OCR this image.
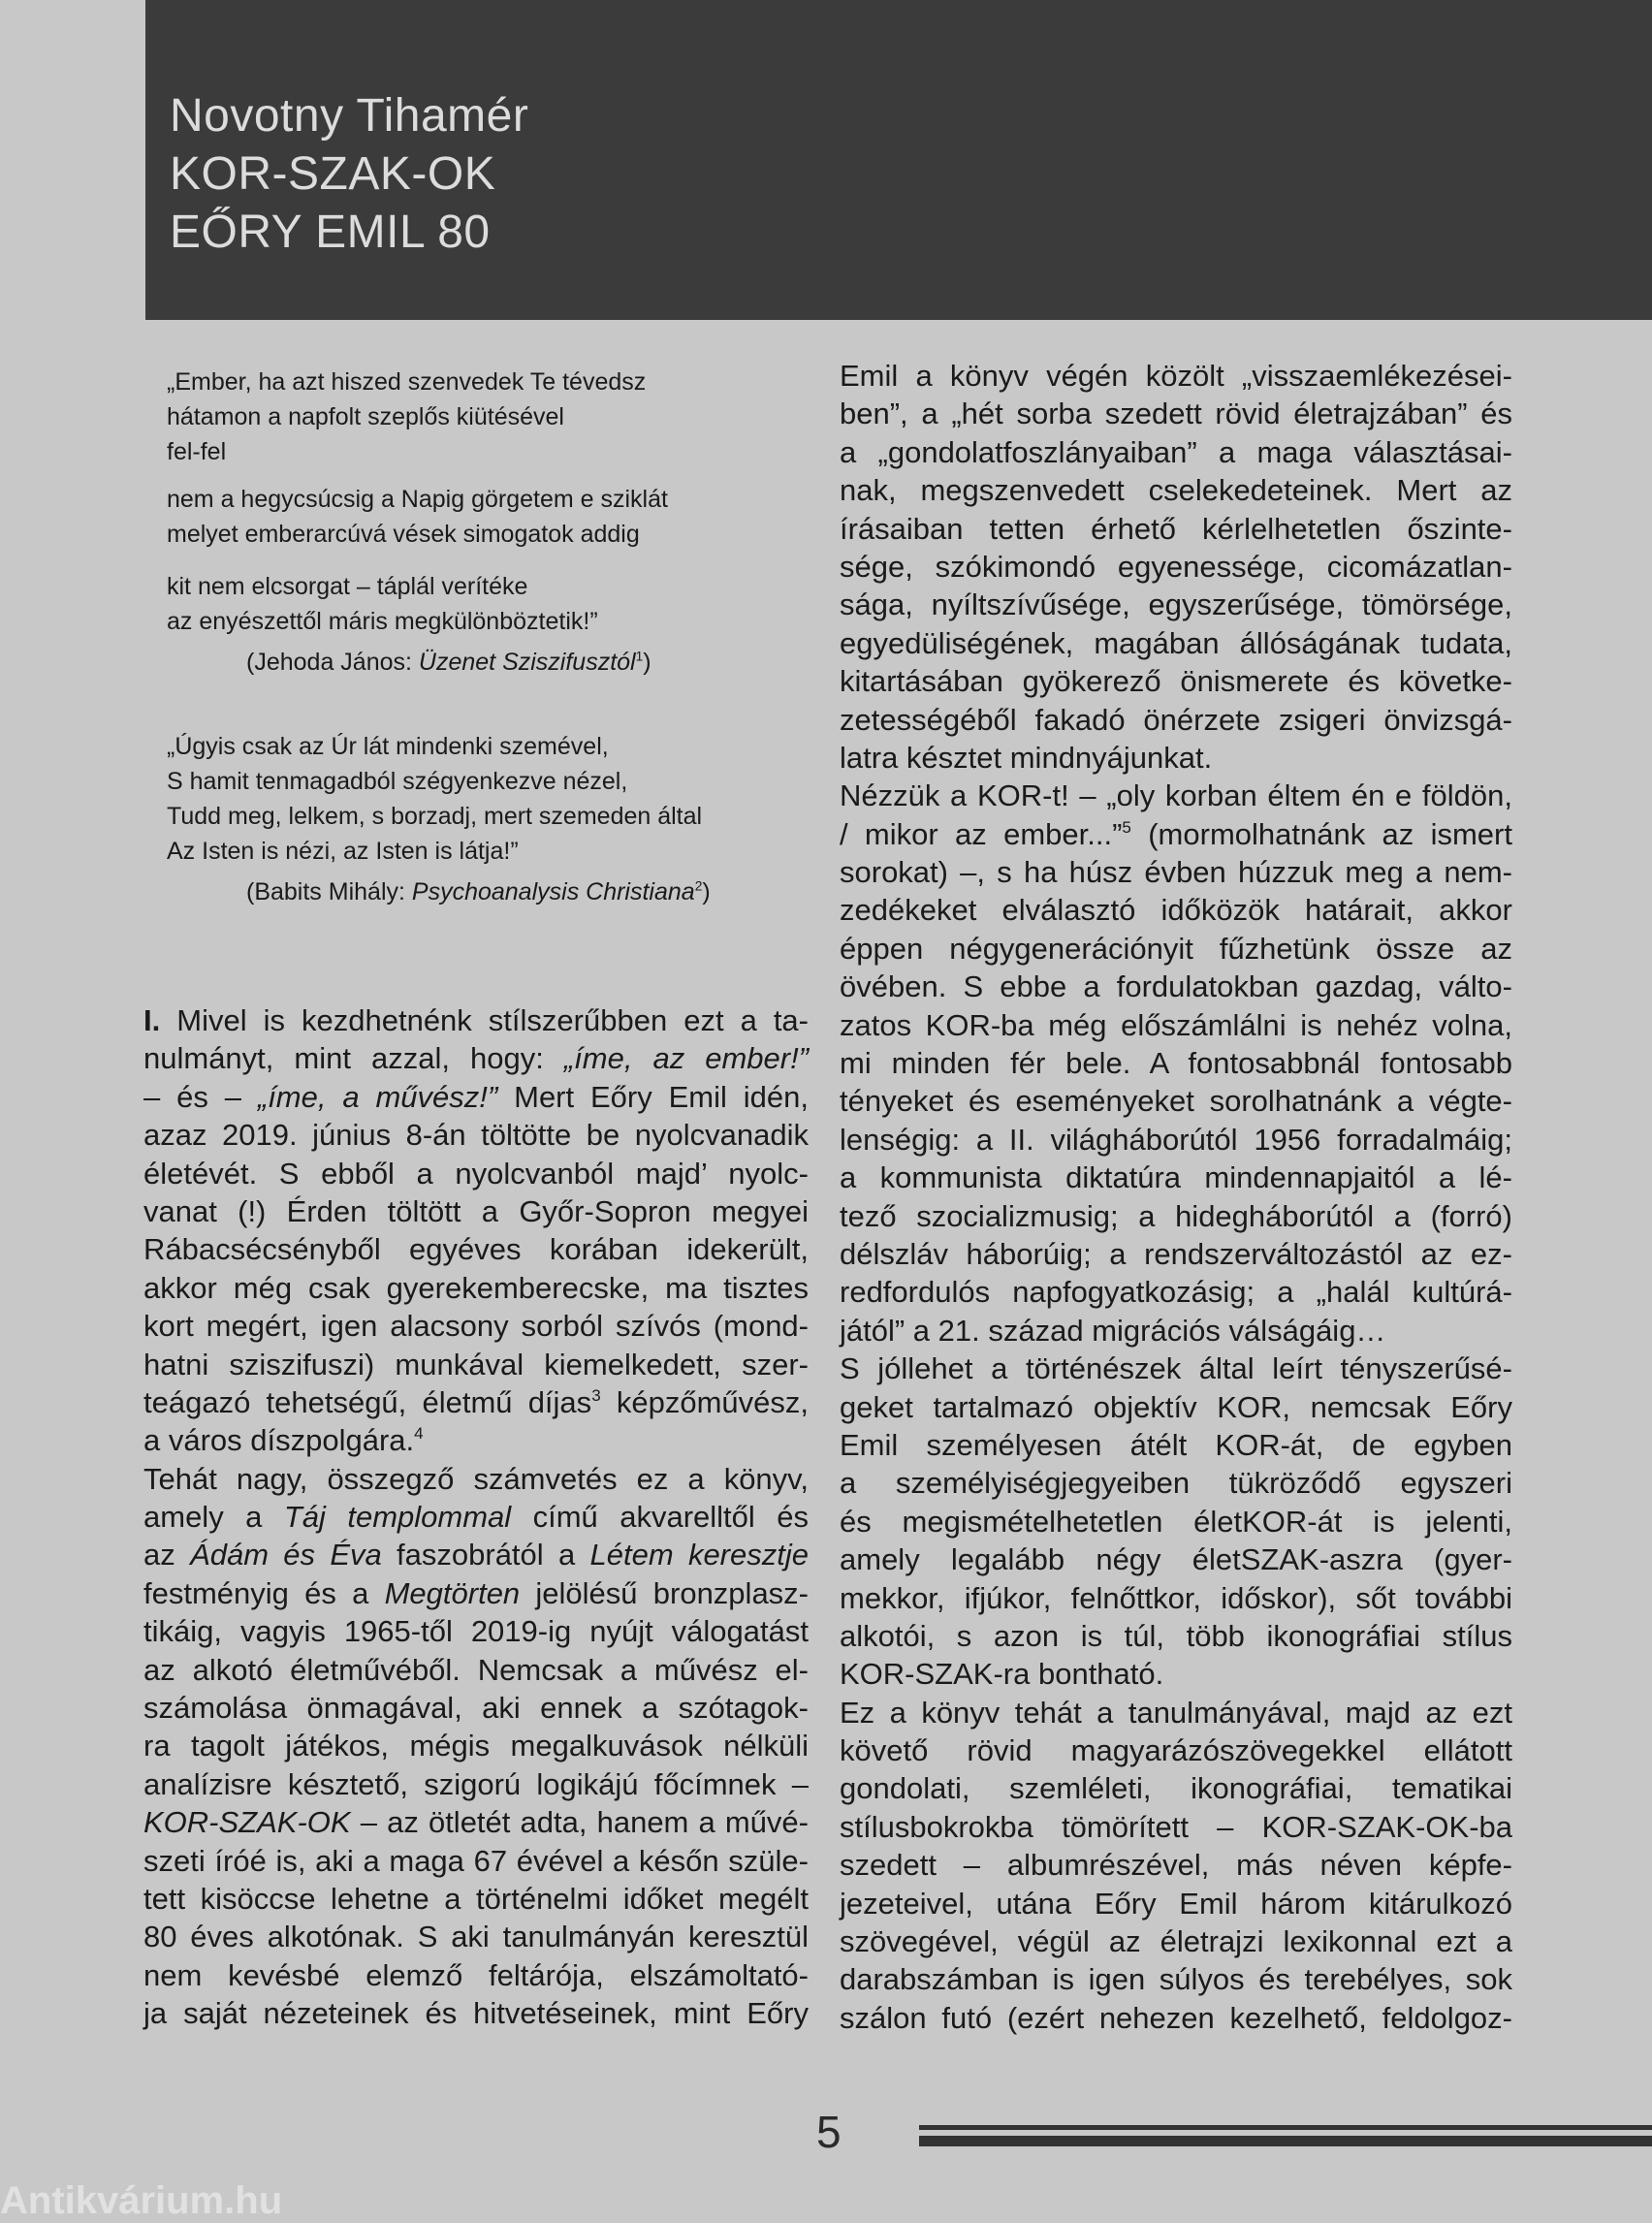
Novotny Tihamér
KOR-SZAK-OK
EŐRY EMIL 80
„Ember, ha azt hiszed szenvedek Te tévedsz
hátamon a napfolt szeplős kiütésével
fel-fel
nem a hegycsúcsig a Napig görgetem e sziklát
melyet emberarcúvá vések simogatok addig
kit nem elcsorgat – táplál verítéke
az enyészettől máris megkülönböztetik!”
(Jehoda János: Üzenet Sziszifusztól$^1$)
„Úgyis csak az Úr lát mindenki szemével,
S hamit tenmagadból szégyenkezve nézel,
Tudd meg, lelkem, s borzadj, mert szemeden által
Az Isten is nézi, az Isten is látja!”
(Babits Mihály: Psychoanalysis Christiana$^2$)
I. Mivel is kezdhetnénk stílszerűbben ezt a ta-
nulmányt, mint azzal, hogy: „íme, az ember!”
– és – „íme, a művész!” Mert Eőry Emil idén,
azaz 2019. június 8-án töltötte be nyolcvanadik
életévét. S ebből a nyolcvanból majd’ nyolc-
vanat (!) Érden töltött a Győr-Sopron megyei
Rábacsécsényből egyéves korában idekerült,
akkor még csak gyerekemberecske, ma tisztes
kort megért, igen alacsony sorból szívós (mond-
hatni sziszifuszi) munkával kiemelkedett, szer-
teágazó tehetségű, életmű díjas$^3$ képzőművész,
a város díszpolgára.$^4$
Tehát nagy, összegző számvetés ez a könyv,
amely a Táj templommal című akvarelltől és
az Ádám és Éva faszobrától a Létem keresztje
festményig és a Megtörten jelölésű bronzplasz-
tikáig, vagyis 1965-től 2019-ig nyújt válogatást
az alkotó életművéből. Nemcsak a művész el-
számolása önmagával, aki ennek a szótagok-
ra tagolt játékos, mégis megalkuvások nélküli
analízisre késztető, szigorú logikájú főcímnek –
KOR-SZAK-OK – az ötletét adta, hanem a művé-
szeti íróé is, aki a maga 67 évével a későn szüle-
tett kisöccse lehetne a történelmi időket megélt
80 éves alkotónak. S aki tanulmányán keresztül
nem kevésbé elemző feltárója, elszámoltató-
ja saját nézeteinek és hitvetéseinek, mint Eőry
Emil a könyv végén közölt „visszaemlékezései-
ben”, a „hét sorba szedett rövid életrajzában” és
a „gondolatfoszlányaiban” a maga választásai-
nak, megszenvedett cselekedeteinek. Mert az
írásaiban tetten érhető kérlelhetetlen őszinte-
sége, szókimondó egyenessége, cicomázatlan-
sága, nyíltszívűsége, egyszerűsége, tömörsége,
egyedüliségének, magában állóságának tudata,
kitartásában gyökerező önismerete és követke-
zetességéből fakadó önérzete zsigeri önvizsgá-
latra késztet mindnyájunkat.
Nézzük a KOR-t! – „oly korban éltem én e földön,
/ mikor az ember...”$^5$ (mormolhatnánk az ismert
sorokat) –, s ha húsz évben húzzuk meg a nem-
zedékeket elválasztó időközök határait, akkor
éppen négygenerációnyit fűzhetünk össze az
övében. S ebbe a fordulatokban gazdag, válto-
zatos KOR-ba még előszámlálni is nehéz volna,
mi minden fér bele. A fontosabbnál fontosabb
tényeket és eseményeket sorolhatnánk a végte-
lenségig: a II. világháborútól 1956 forradalmáig;
a kommunista diktatúra mindennapjaitól a lé-
tező szocializmusig; a hidegháborútól a (forró)
délszláv háborúig; a rendszerváltozástól az ez-
redfordulós napfogyatkozásig; a „halál kultúrá-
jától” a 21. század migrációs válságáig…
S jóllehet a történészek által leírt tényszerűsé-
geket tartalmazó objektív KOR, nemcsak Eőry
Emil személyesen átélt KOR-át, de egyben
a személyiségjegyeiben tükröződő egyszeri
és megismételhetetlen életKOR-át is jelenti,
amely legalább négy életSZAK-aszra (gyer-
mekkor, ifjúkor, felnőttkor, időskor), sőt további
alkotói, s azon is túl, több ikonográfiai stílus
KOR-SZAK-ra bontható.
Ez a könyv tehát a tanulmányával, majd az ezt
követő rövid magyarázószövegekkel ellátott
gondolati, szemléleti, ikonográfiai, tematikai
stílusbokrokba tömörített – KOR-SZAK-OK-ba
szedett – albumrészével, más néven képfe-
jezeteivel, utána Eőry Emil három kitárulkozó
szövegével, végül az életrajzi lexikonnal ezt a
darabszámban is igen súlyos és terebélyes, sok
szálon futó (ezért nehezen kezelhető, feldolgoz-
5
Antikvárium.hu
